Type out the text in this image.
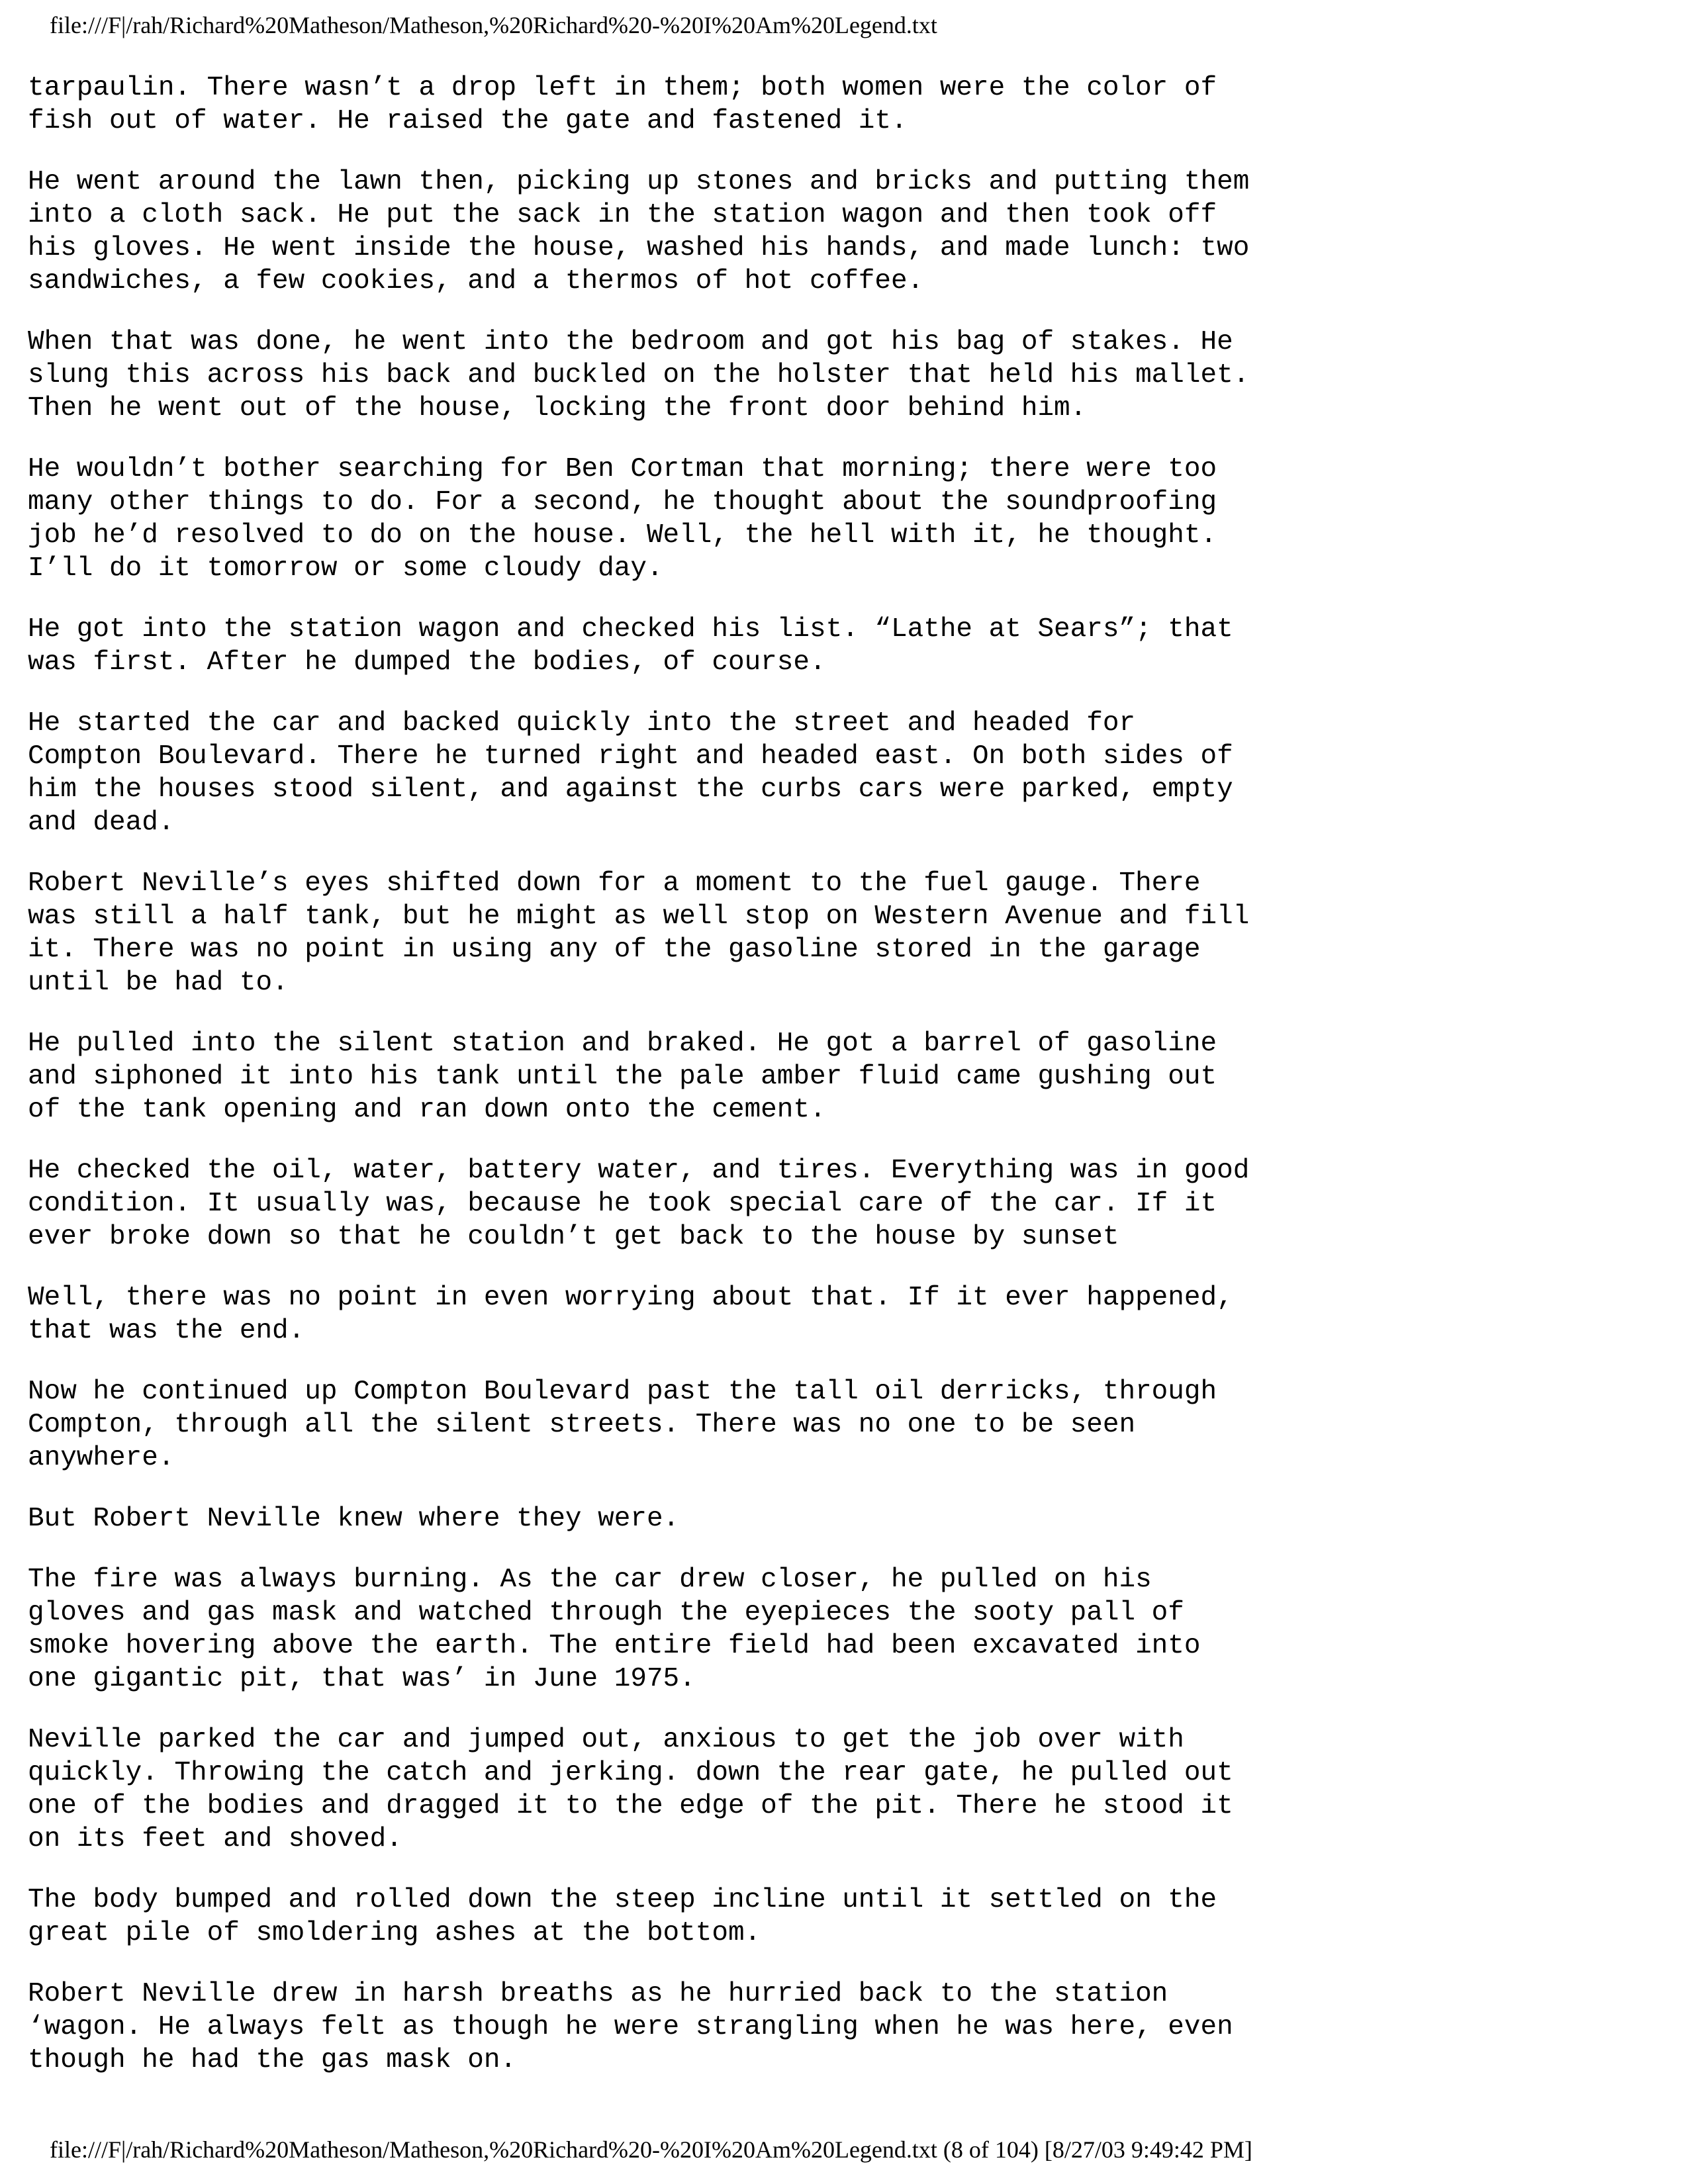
file:///F|/rah/Richard%20Matheson/Matheson,%20Richard%20-%20I%20Am%20Legend.txt
tarpaulin. There wasn’t a drop left in them; both women were the color of
fish out of water. He raised the gate and fastened it.
He went around the lawn then, picking up stones and bricks and putting them
into a cloth sack. He put the sack in the station wagon and then took off
his gloves. He went inside the house, washed his hands, and made lunch: two
sandwiches, a few cookies, and a thermos of hot coffee.
When that was done, he went into the bedroom and got his bag of stakes. He
slung this across his back and buckled on the holster that held his mallet.
Then he went out of the house, locking the front door behind him.
He wouldn’t bother searching for Ben Cortman that morning; there were too
many other things to do. For a second, he thought about the soundproofing
job he’d resolved to do on the house. Well, the hell with it, he thought.
I’ll do it tomorrow or some cloudy day.
He got into the station wagon and checked his list. “Lathe at Sears”; that
was first. After he dumped the bodies, of course.
He started the car and backed quickly into the street and headed for
Compton Boulevard. There he turned right and headed east. On both sides of
him the houses stood silent, and against the curbs cars were parked, empty
and dead.
Robert Neville’s eyes shifted down for a moment to the fuel gauge. There
was still a half tank, but he might as well stop on Western Avenue and fill
it. There was no point in using any of the gasoline stored in the garage
until be had to.
He pulled into the silent station and braked. He got a barrel of gasoline
and siphoned it into his tank until the pale amber fluid came gushing out
of the tank opening and ran down onto the cement.
He checked the oil, water, battery water, and tires. Everything was in good
condition. It usually was, because he took special care of the car. If it
ever broke down so that he couldn’t get back to the house by sunset
Well, there was no point in even worrying about that. If it ever happened,
that was the end.
Now he continued up Compton Boulevard past the tall oil derricks, through
Compton, through all the silent streets. There was no one to be seen
anywhere.
But Robert Neville knew where they were.
The fire was always burning. As the car drew closer, he pulled on his
gloves and gas mask and watched through the eyepieces the sooty pall of
smoke hovering above the earth. The entire field had been excavated into
one gigantic pit, that was’ in June 1975.
Neville parked the car and jumped out, anxious to get the job over with
quickly. Throwing the catch and jerking. down the rear gate, he pulled out
one of the bodies and dragged it to the edge of the pit. There he stood it
on its feet and shoved.
The body bumped and rolled down the steep incline until it settled on the
great pile of smoldering ashes at the bottom.
Robert Neville drew in harsh breaths as he hurried back to the station
‘wagon. He always felt as though he were strangling when he was here, even
though he had the gas mask on.
file:///F|/rah/Richard%20Matheson/Matheson,%20Richard%20-%20I%20Am%20Legend.txt (8 of 104) [8/27/03 9:49:42 PM]
